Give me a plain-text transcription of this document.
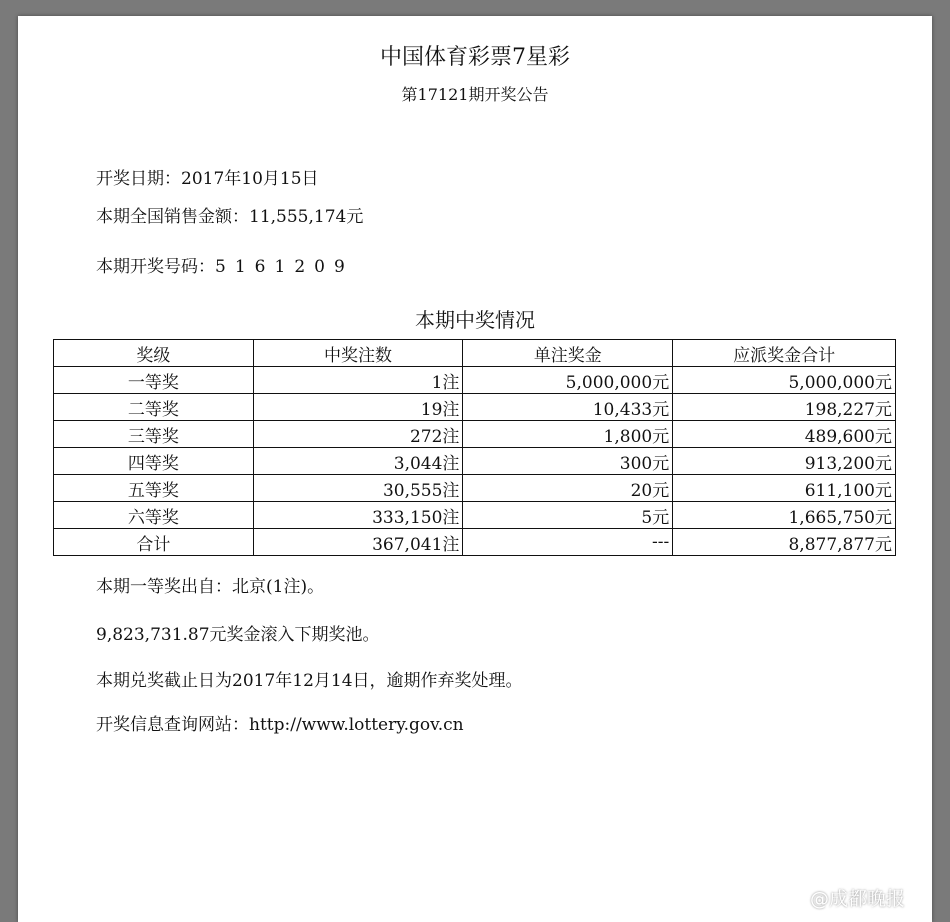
中国体育彩票7星彩
第17121期开奖公告
开奖日期：2017年10月15日
本期全国销售金额：11,555,174元
本期开奖号码：5 1 6 1 2 0 9
本期中奖情况
奖级	中奖注数	单注奖金	应派奖金合计
一等奖	1注	5,000,000元	5,000,000元
二等奖	19注	10,433元	198,227元
三等奖	272注	1,800元	489,600元
四等奖	3,044注	300元	913,200元
五等奖	30,555注	20元	611,100元
六等奖	333,150注	5元	1,665,750元
合计	367,041注	---	8,877,877元
本期一等奖出自：北京(1注)。
9,823,731.87元奖金滚入下期奖池。
本期兑奖截止日为2017年12月14日，逾期作弃奖处理。
开奖信息查询网站：http://www.lottery.gov.cn
@成都晚报
